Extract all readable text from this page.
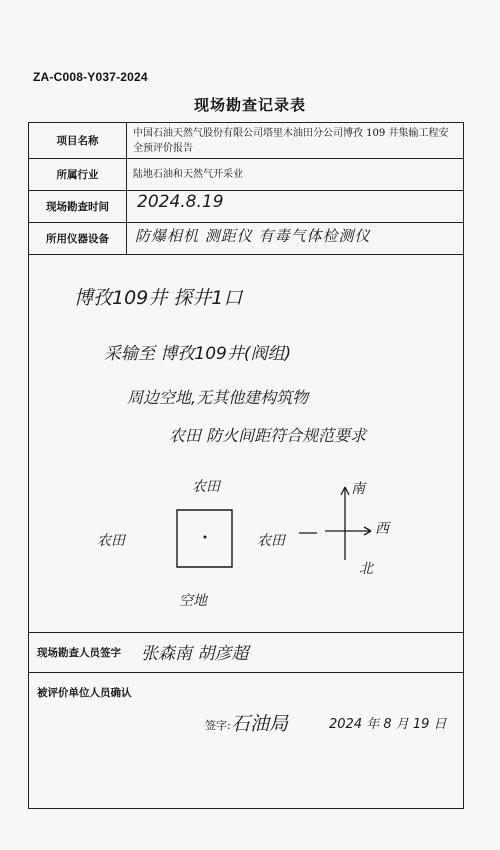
ZA-C008-Y037-2024
现场勘查记录表
项目名称
中国石油天然气股份有限公司塔里木油田分公司博孜 109 井集输工程安全预评价报告
所属行业	陆地石油和天然气开采业
现场勘查时间	2024.8.19
所用仪器设备	防爆相机 测距仪 有毒气体检测仪
博孜109井 探井1口
采输至 博孜109井(阀组)
周边空地,无其他建构筑物
农田 防火间距符合规范要求
农田
农田	农田
空地
南
西
北
现场勘查人员签字 张森南 胡彦超
被评价单位人员确认
签字: 石油局	2024 年 8 月 19 日
